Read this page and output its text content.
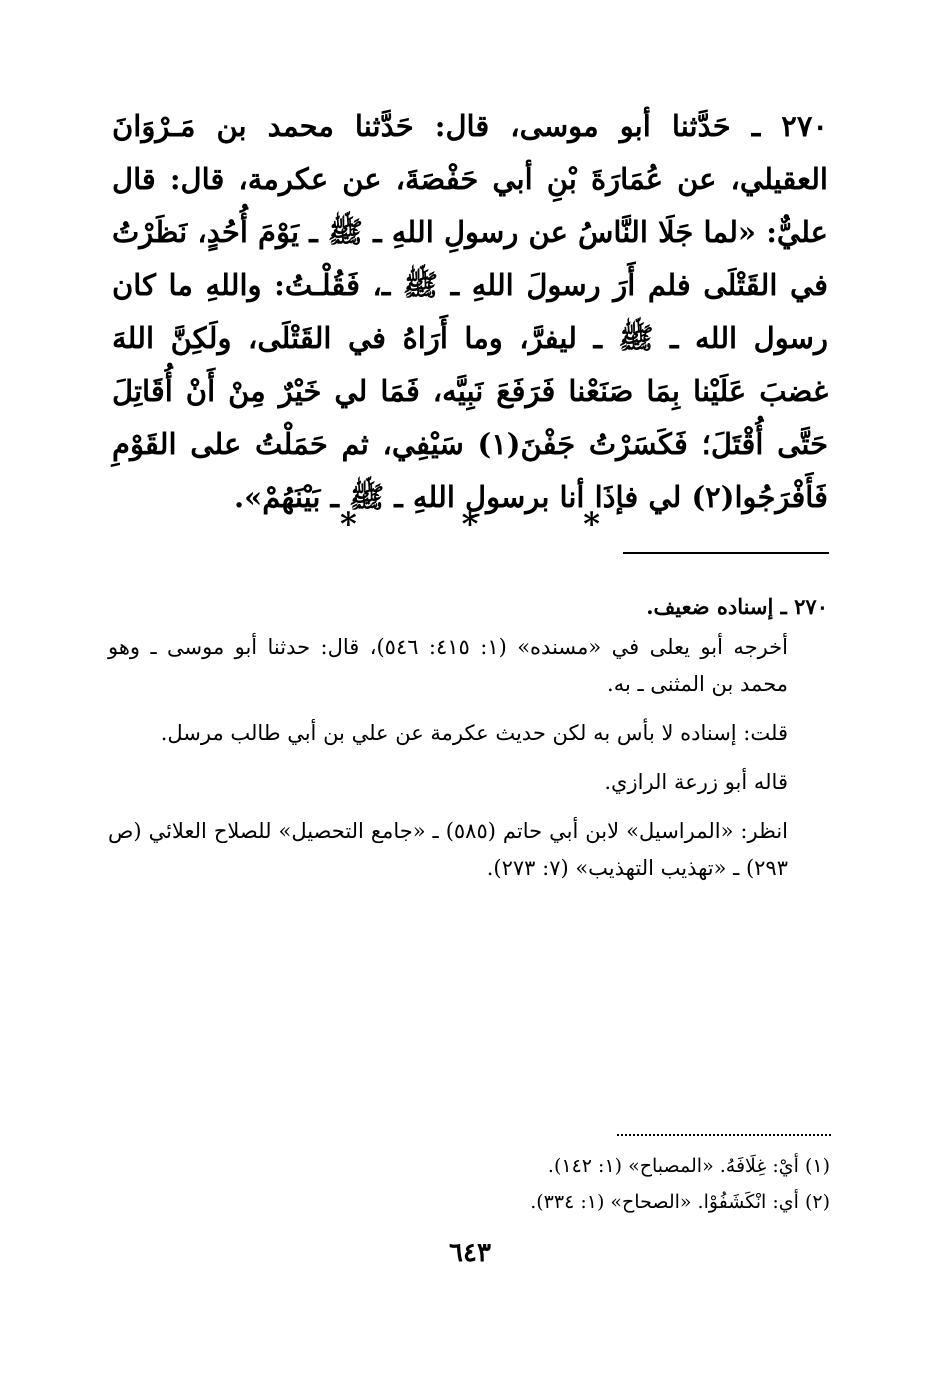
٢٧٠ ـ حَدَّثنا أبو موسى، قال: حَدَّثنا محمد بن مَـرْوَانَ العقيلي، عن عُمَارَةَ بْنِ أبي حَفْصَةَ، عن عكرمة، قال: قال عليٌّ: «لما جَلَا النَّاسُ عن رسولِ اللهِ ـ ﷺ ـ يَوْمَ أُحُدٍ، نَظَرْتُ في القَتْلَى فلم أَرَ رسولَ اللهِ ـ ﷺ ـ، فَقُلْـتُ: واللهِ ما كان رسول الله ـ ﷺ ـ ليفرَّ، وما أَرَاهُ في القَتْلَى، ولَكِنَّ اللهَ غضبَ عَلَيْنا بِمَا صَنَعْنا فَرَفَعَ نَبِيَّه، فَمَا لي خَيْرٌ مِنْ أَنْ أُقَاتِلَ حَتَّى أُقْتَلَ؛ فَكَسَرْتُ جَفْنَ(١) سَيْفِي، ثم حَمَلْتُ على القَوْمِ فَأَفْرَجُوا(٢) لي فإذَا أنا برسولِ اللهِ ـ ﷺ ـ بَيْنَهُمْ».

*	*	*

٢٧٠ ـ إسناده ضعيف.

أخرجه أبو يعلى في «مسنده» (١: ٤١٥: ٥٤٦)، قال: حدثنا أبو موسى ـ وهو محمد بن المثنى ـ به.

قلت: إسناده لا بأس به لكن حديث عكرمة عن علي بن أبي طالب مرسل.

قاله أبو زرعة الرازي.

انظر: «المراسيل» لابن أبي حاتم (٥٨٥) ـ «جامع التحصيل» للصلاح العلائي (ص ٢٩٣) ـ «تهذيب التهذيب» (٧: ٢٧٣).

(١) أيْ: غِلَافَهُ. «المصباح» (١: ١٤٢).
(٢) أي: انْكَشَفُوْا. «الصحاح» (١: ٣٣٤).
٦٤٣
